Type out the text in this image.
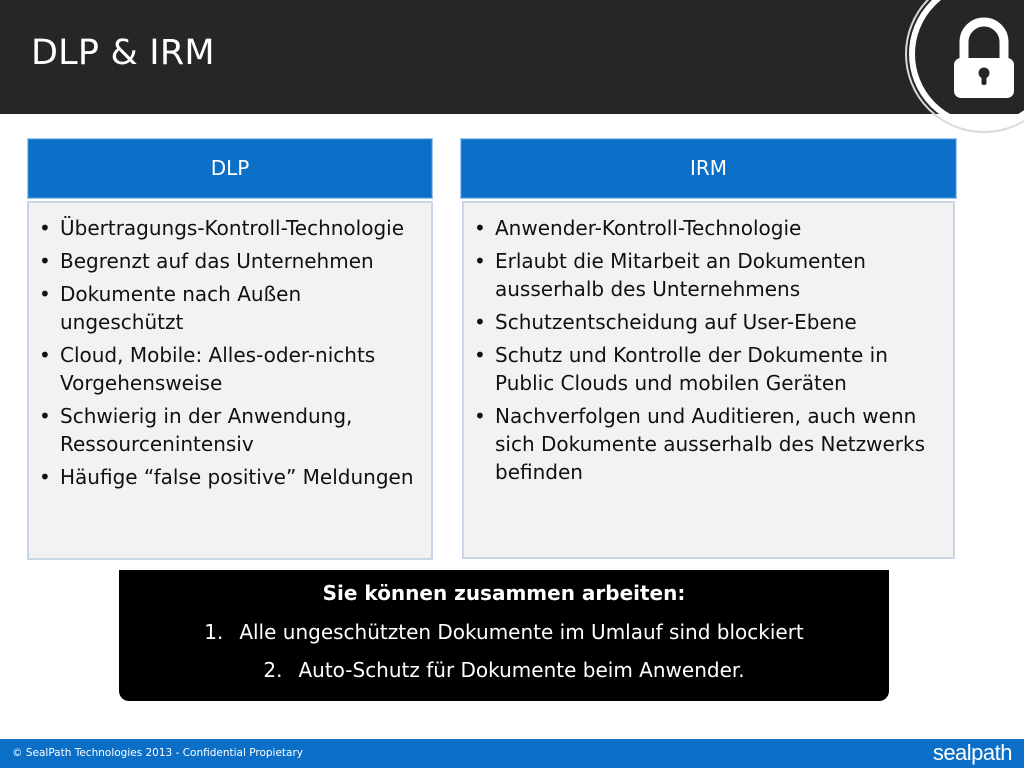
DLP & IRM
DLP
• Übertragungs-Kontroll-Technologie
• Begrenzt auf das Unternehmen
• Dokumente nach Außen ungeschützt
• Cloud, Mobile: Alles-oder-nichts Vorgehensweise
• Schwierig in der Anwendung, Ressourcenintensiv
• Häufige “false positive” Meldungen
IRM
• Anwender-Kontroll-Technologie
• Erlaubt die Mitarbeit an Dokumenten ausserhalb des Unternehmens
• Schutzentscheidung auf User-Ebene
• Schutz und Kontrolle der Dokumente in Public Clouds und mobilen Geräten
• Nachverfolgen und Auditieren, auch wenn sich Dokumente ausserhalb des Netzwerks befinden
Sie können zusammen arbeiten:
1. Alle ungeschützten Dokumente im Umlauf sind blockiert
2. Auto-Schutz für Dokumente beim Anwender.
© SealPath Technologies 2013 - Confidential Propietary	sealpath
